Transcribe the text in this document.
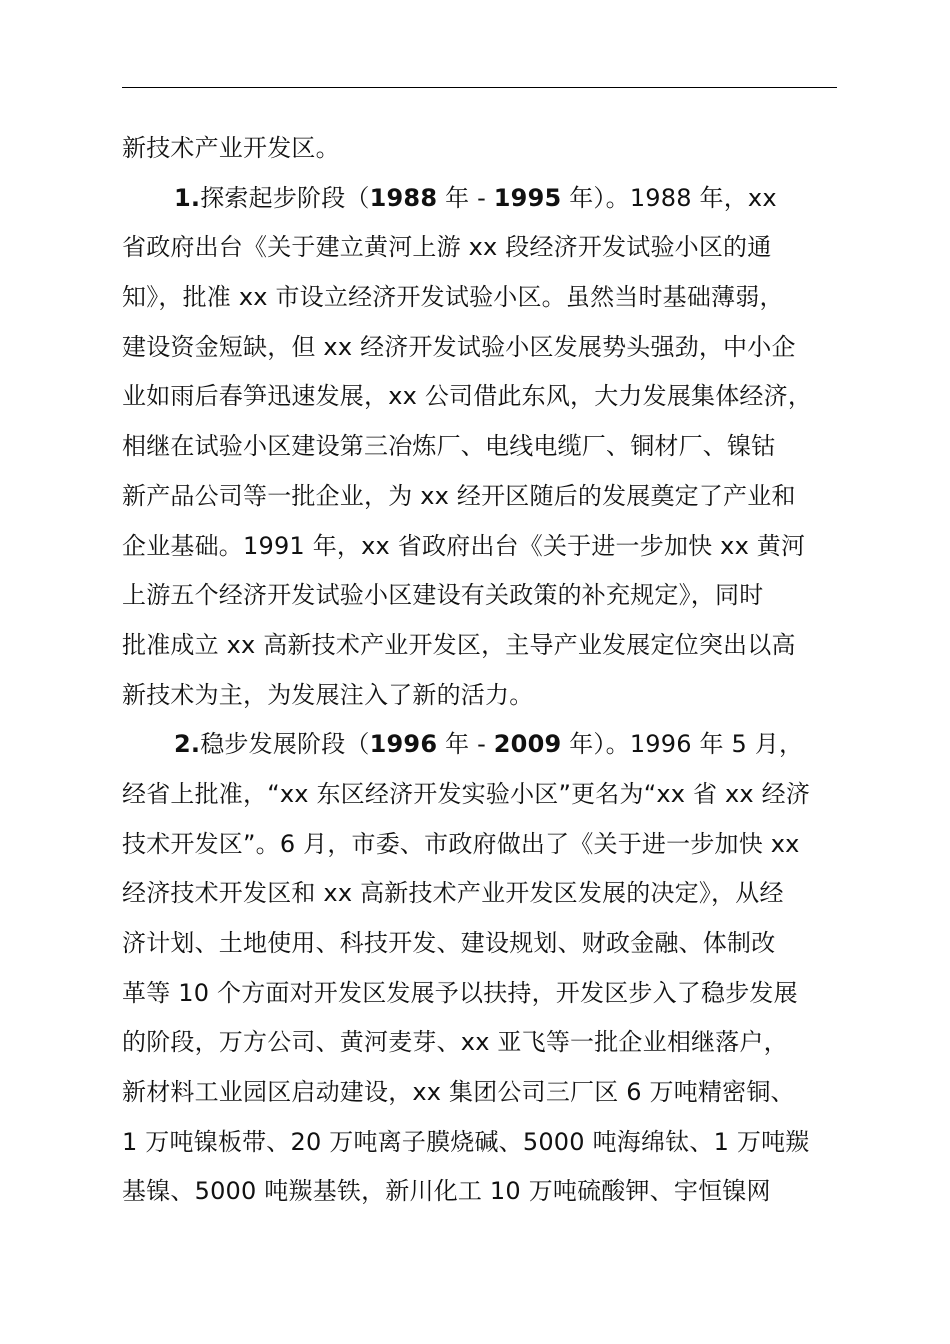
新技术产业开发区。
1.探索起步阶段（1988 年 - 1995 年）。1988 年，xx
省政府出台《关于建立黄河上游 xx 段经济开发试验小区的通
知》，批准 xx 市设立经济开发试验小区。虽然当时基础薄弱，
建设资金短缺，但 xx 经济开发试验小区发展势头强劲，中小企
业如雨后春笋迅速发展，xx 公司借此东风，大力发展集体经济，
相继在试验小区建设第三冶炼厂、电线电缆厂、铜材厂、镍钴
新产品公司等一批企业，为 xx 经开区随后的发展奠定了产业和
企业基础。1991 年，xx 省政府出台《关于进一步加快 xx 黄河
上游五个经济开发试验小区建设有关政策的补充规定》，同时
批准成立 xx 高新技术产业开发区，主导产业发展定位突出以高
新技术为主，为发展注入了新的活力。
2.稳步发展阶段（1996 年 - 2009 年）。1996 年 5 月，
经省上批准，“xx 东区经济开发实验小区”更名为“xx 省 xx 经济
技术开发区”。6 月，市委、市政府做出了《关于进一步加快 xx
经济技术开发区和 xx 高新技术产业开发区发展的决定》，从经
济计划、土地使用、科技开发、建设规划、财政金融、体制改
革等 10 个方面对开发区发展予以扶持，开发区步入了稳步发展
的阶段，万方公司、黄河麦芽、xx 亚飞等一批企业相继落户，
新材料工业园区启动建设，xx 集团公司三厂区 6 万吨精密铜、
1 万吨镍板带、20 万吨离子膜烧碱、5000 吨海绵钛、1 万吨羰
基镍、5000 吨羰基铁，新川化工 10 万吨硫酸钾、宇恒镍网
